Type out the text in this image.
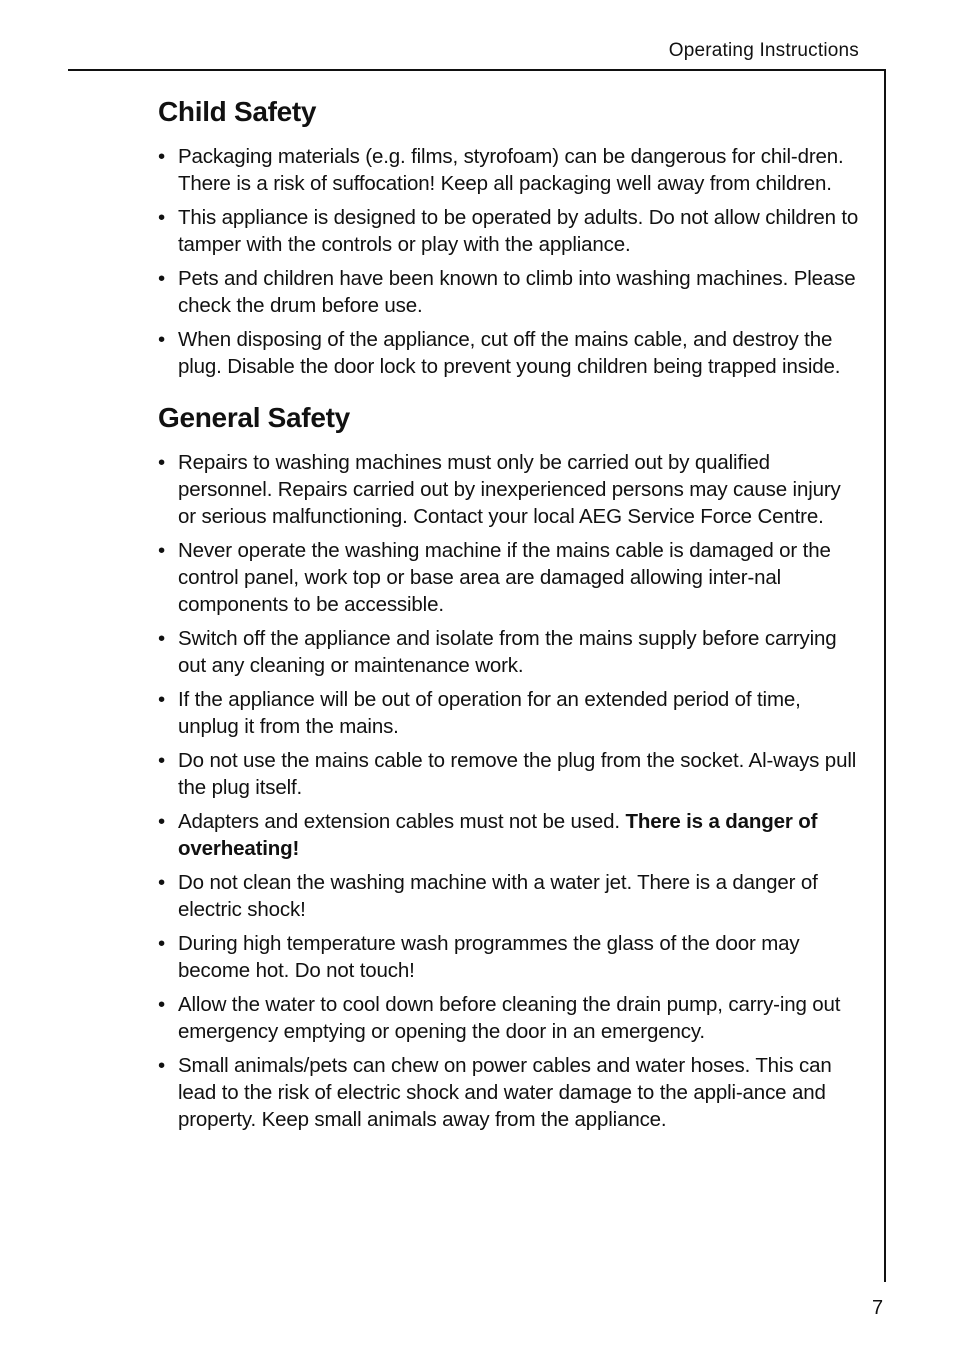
Operating Instructions
Child Safety
• Packaging materials (e.g. films, styrofoam) can be dangerous for chil-dren. There is a risk of suffocation! Keep all packaging well away from children.
• This appliance is designed to be operated by adults. Do not allow children to tamper with the controls or play with the appliance.
• Pets and children have been known to climb into washing machines. Please check the drum before use.
• When disposing of the appliance, cut off the mains cable, and destroy the plug. Disable the door lock to prevent young children being trapped inside.
General Safety
• Repairs to washing machines must only be carried out by qualified personnel. Repairs carried out by inexperienced persons may cause injury or serious malfunctioning. Contact your local AEG Service Force Centre.
• Never operate the washing machine if the mains cable is damaged or the control panel, work top or base area are damaged allowing inter-nal components to be accessible.
• Switch off the appliance and isolate from the mains supply before carrying out any cleaning or maintenance work.
• If the appliance will be out of operation for an extended period of time, unplug it from the mains.
• Do not use the mains cable to remove the plug from the socket. Al-ways pull the plug itself.
• Adapters and extension cables must not be used. There is a danger of overheating!
• Do not clean the washing machine with a water jet. There is a danger of electric shock!
• During high temperature wash programmes the glass of the door may become hot. Do not touch!
• Allow the water to cool down before cleaning the drain pump, carry-ing out emergency emptying or opening the door in an emergency.
• Small animals/pets can chew on power cables and water hoses. This can lead to the risk of electric shock and water damage to the appli-ance and property. Keep small animals away from the appliance.
7
